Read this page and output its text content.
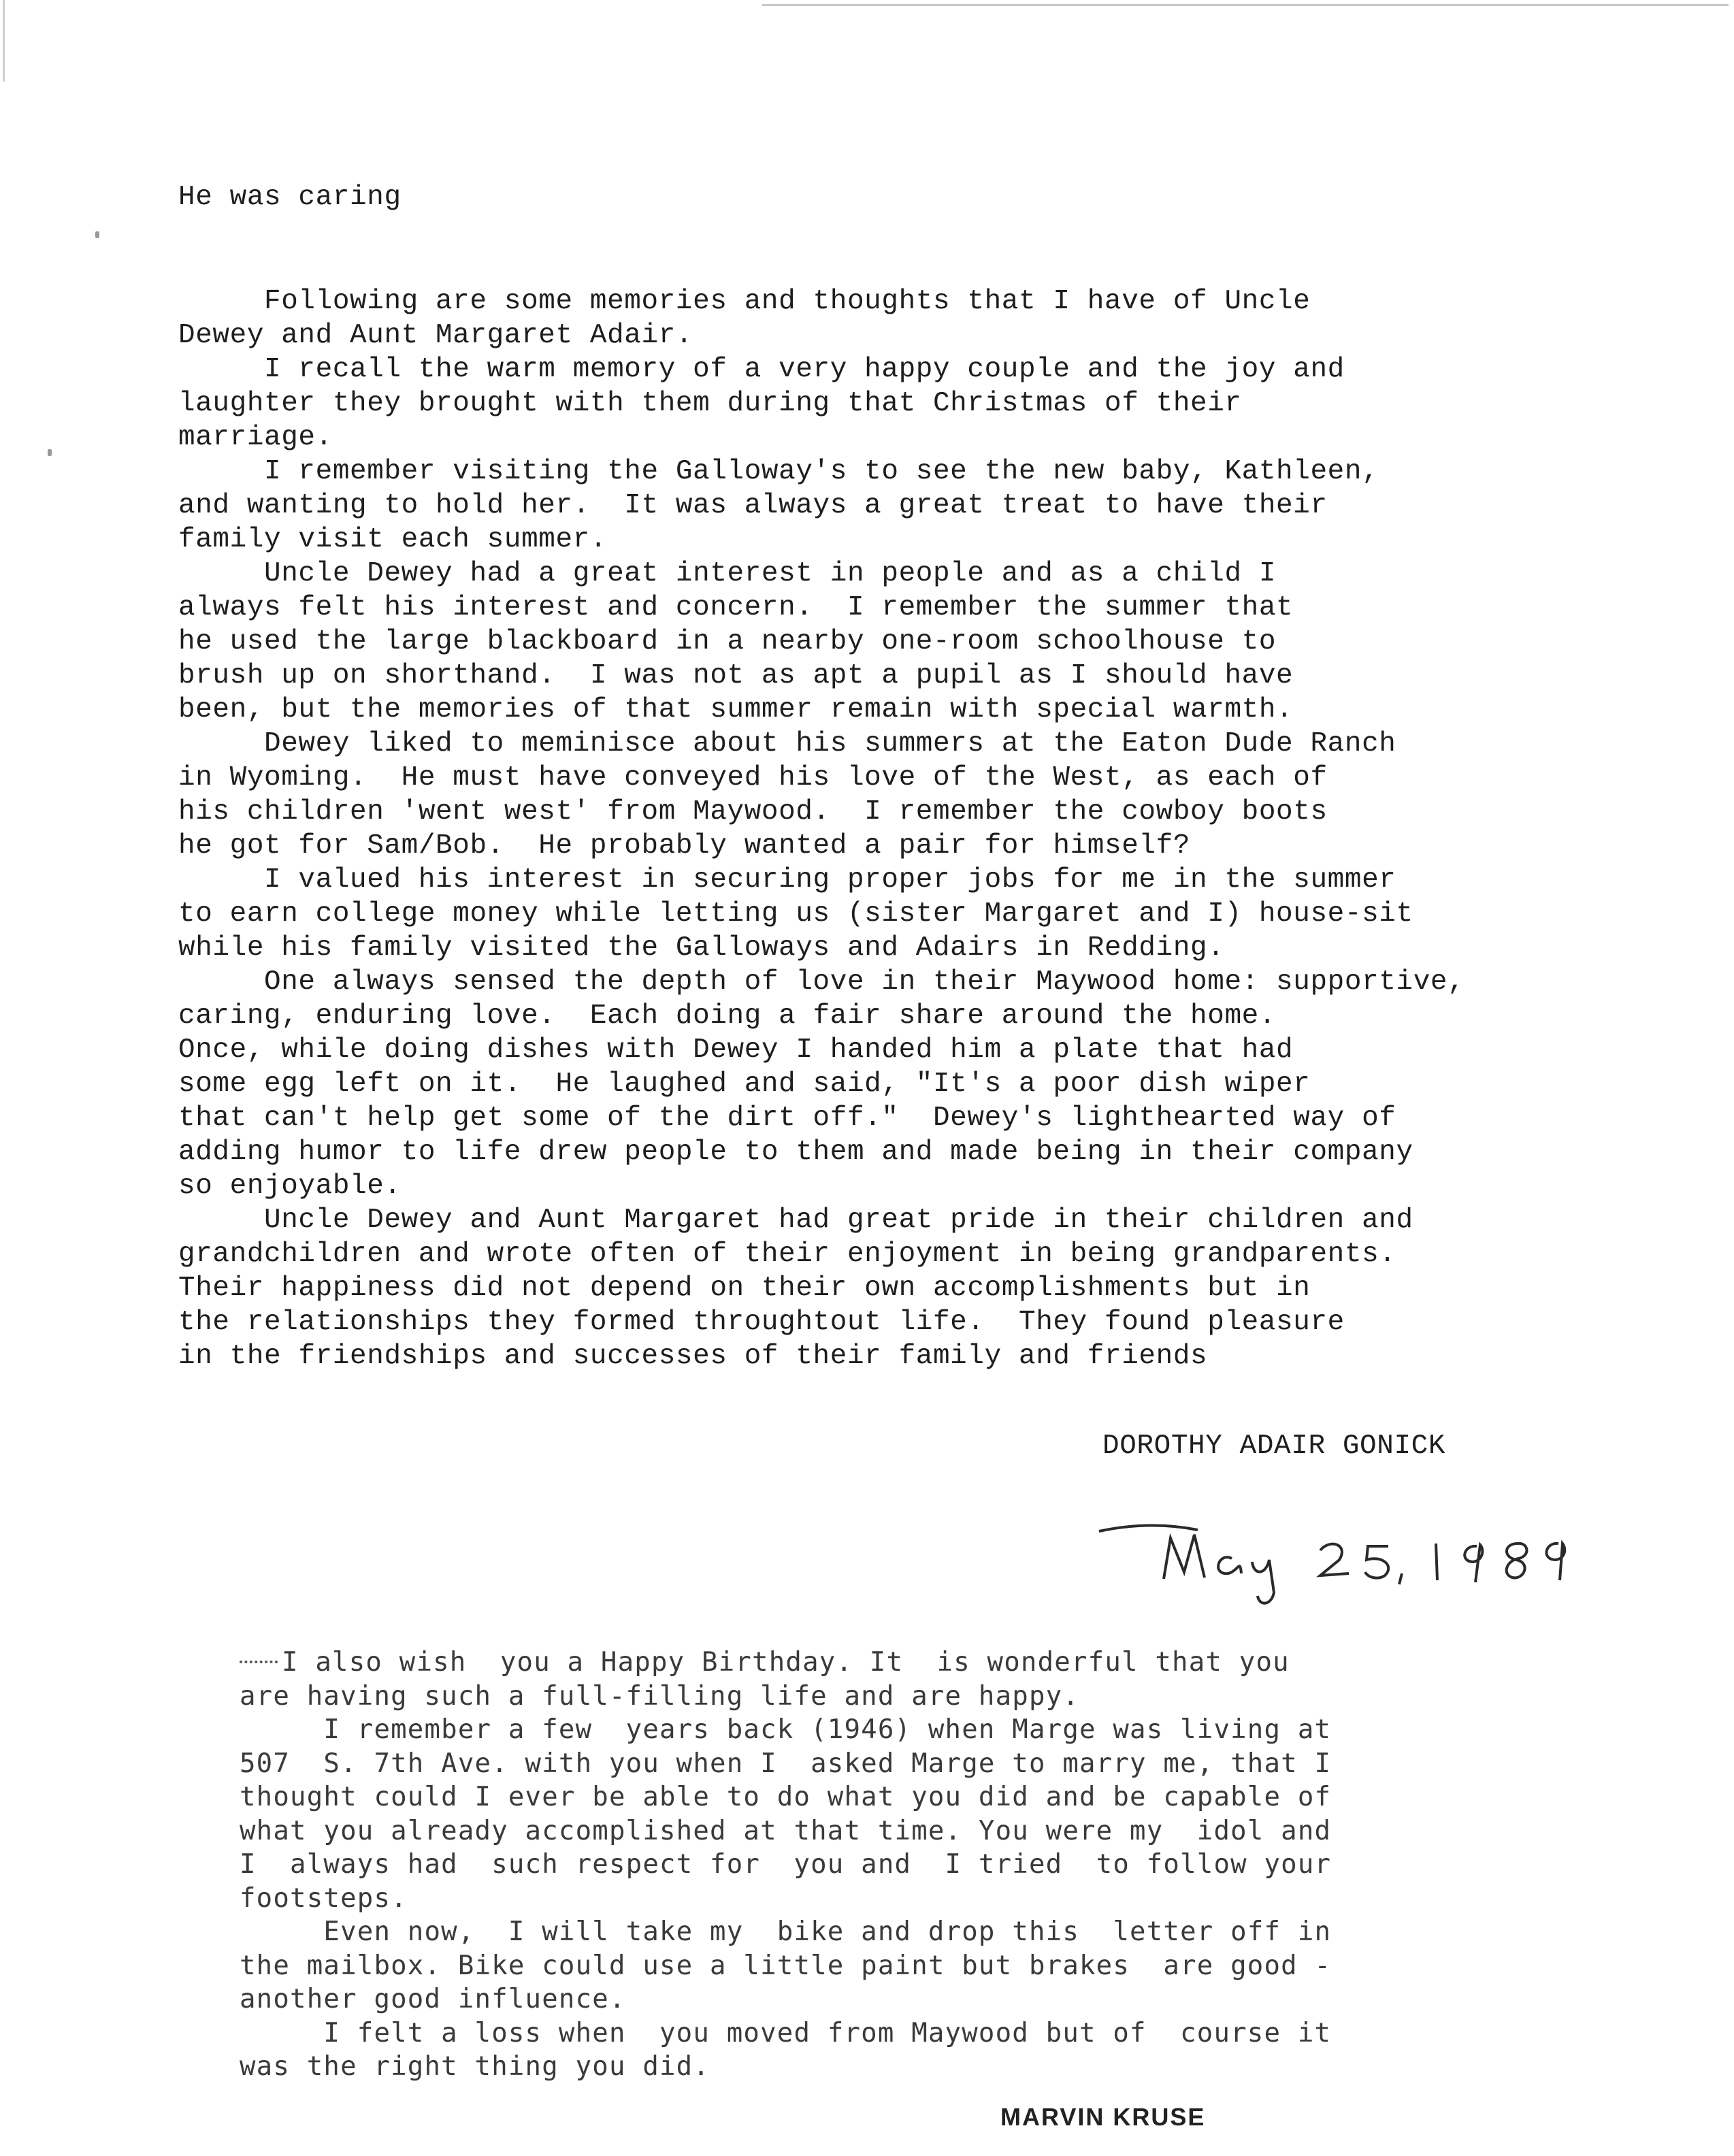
He was caring
Following are some memories and thoughts that I have of Uncle
Dewey and Aunt Margaret Adair.
I recall the warm memory of a very happy couple and the joy and
laughter they brought with them during that Christmas of their
marriage.
I remember visiting the Galloway's to see the new baby, Kathleen,
and wanting to hold her.  It was always a great treat to have their
family visit each summer.
Uncle Dewey had a great interest in people and as a child I
always felt his interest and concern.  I remember the summer that
he used the large blackboard in a nearby one-room schoolhouse to
brush up on shorthand.  I was not as apt a pupil as I should have
been, but the memories of that summer remain with special warmth.
Dewey liked to meminisce about his summers at the Eaton Dude Ranch
in Wyoming.  He must have conveyed his love of the West, as each of
his children 'went west' from Maywood.  I remember the cowboy boots
he got for Sam/Bob.  He probably wanted a pair for himself?
I valued his interest in securing proper jobs for me in the summer
to earn college money while letting us (sister Margaret and I) house-sit
while his family visited the Galloways and Adairs in Redding.
One always sensed the depth of love in their Maywood home: supportive,
caring, enduring love.  Each doing a fair share around the home.
Once, while doing dishes with Dewey I handed him a plate that had
some egg left on it.  He laughed and said, "It's a poor dish wiper
that can't help get some of the dirt off."  Dewey's lighthearted way of
adding humor to life drew people to them and made being in their company
so enjoyable.
Uncle Dewey and Aunt Margaret had great pride in their children and
grandchildren and wrote often of their enjoyment in being grandparents.
Their happiness did not depend on their own accomplishments but in
the relationships they formed throughtout life.  They found pleasure
in the friendships and successes of their family and friends
DOROTHY ADAIR GONICK
I also wish  you a Happy Birthday. It  is wonderful that you
are having such a full-filling life and are happy.
I remember a few  years back (1946) when Marge was living at
507  S. 7th Ave. with you when I  asked Marge to marry me, that I
thought could I ever be able to do what you did and be capable of
what you already accomplished at that time. You were my  idol and
I  always had  such respect for  you and  I tried  to follow your
footsteps.
Even now,  I will take my  bike and drop this  letter off in
the mailbox. Bike could use a little paint but brakes  are good -
another good influence.
I felt a loss when  you moved from Maywood but of  course it
was the right thing you did.
MARVIN KRUSE
